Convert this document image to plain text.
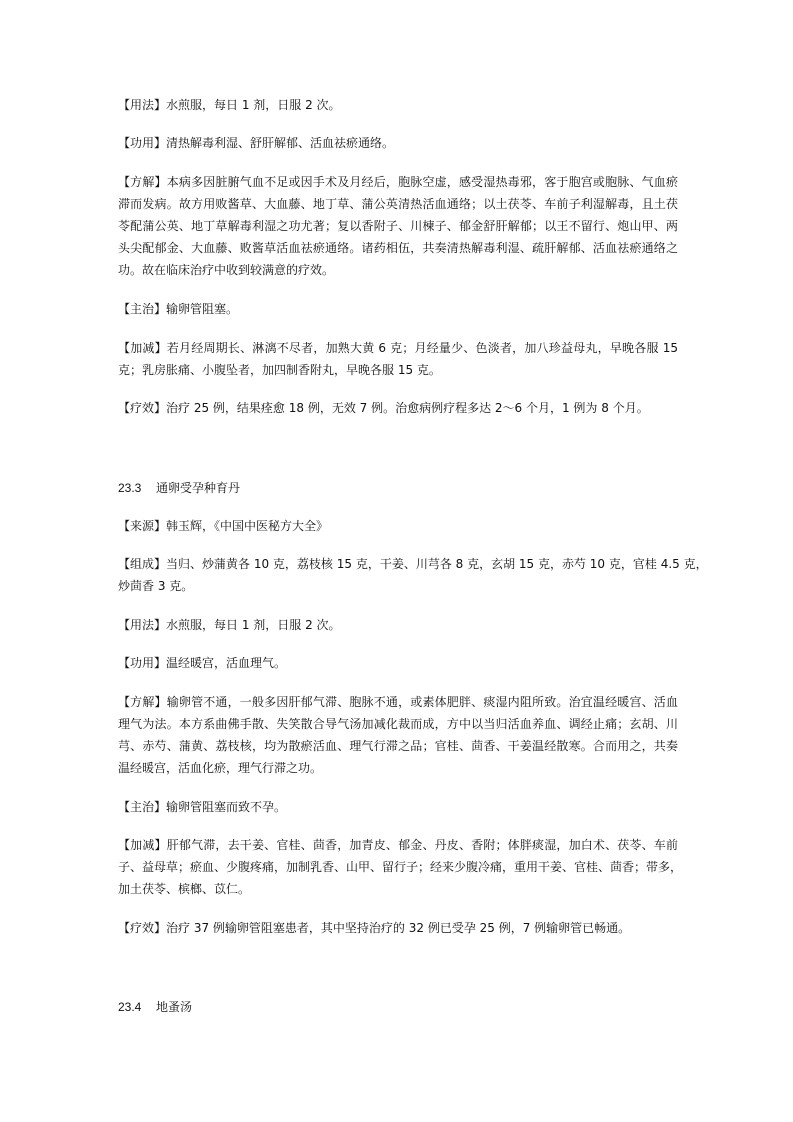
【用法】水煎服，每日 1 剂，日服 2 次。
【功用】清热解毒利湿、舒肝解郁、活血祛瘀通络。
【方解】本病多因脏腑气血不足或因手术及月经后，胞脉空虚，感受湿热毒邪，客于胞宫或胞脉、气血瘀
滞而发病。故方用败酱草、大血藤、地丁草、蒲公英清热活血通络；以土茯苓、车前子利湿解毒，且土茯
苓配蒲公英、地丁草解毒利湿之功尤著；复以香附子、川楝子、郁金舒肝解郁；以王不留行、炮山甲、两
头尖配郁金、大血藤、败酱草活血祛瘀通络。诸药相伍，共奏清热解毒利湿、疏肝解郁、活血祛瘀通络之
功。故在临床治疗中收到较满意的疗效。
【主治】输卵管阻塞。
【加减】若月经周期长、淋漓不尽者，加熟大黄 6 克；月经量少、色淡者，加八珍益母丸，早晚各服 15
克；乳房胀痛、小腹坠者，加四制香附丸，早晚各服 15 克。
【疗效】治疗 25 例，结果痊愈 18 例，无效 7 例。治愈病例疗程多达 2～6 个月，1 例为 8 个月。
23.3 通卵受孕种育丹
【来源】韩玉辉，《中国中医秘方大全》
【组成】当归、炒蒲黄各 10 克，荔枝核 15 克，干姜、川芎各 8 克，玄胡 15 克，赤芍 10 克，官桂 4.5 克，
炒茴香 3 克。
【用法】水煎服，每日 1 剂，日服 2 次。
【功用】温经暖宫，活血理气。
【方解】输卵管不通，一般多因肝郁气滞、胞脉不通，或素体肥胖、痰湿内阻所致。治宜温经暖宫、活血
理气为法。本方系曲佛手散、失笑散合导气汤加减化裁而成，方中以当归活血养血、调经止痛；玄胡、川
芎、赤芍、蒲黄、荔枝核，均为散瘀活血、理气行滞之品；官桂、茴香、干姜温经散寒。合而用之，共奏
温经暖宫，活血化瘀，理气行滞之功。
【主治】输卵管阻塞而致不孕。
【加减】肝郁气滞，去干姜、官桂、茴香，加青皮、郁金、丹皮、香附；体胖痰湿，加白术、茯苓、车前
子、益母草；瘀血、少腹疼痛，加制乳香、山甲、留行子；经来少腹冷痛，重用干姜、官桂、茴香；带多，
加土茯苓、槟榔、苡仁。
【疗效】治疗 37 例输卵管阻塞患者，其中坚持治疗的 32 例已受孕 25 例，7 例输卵管已畅通。
23.4 地蚤汤
